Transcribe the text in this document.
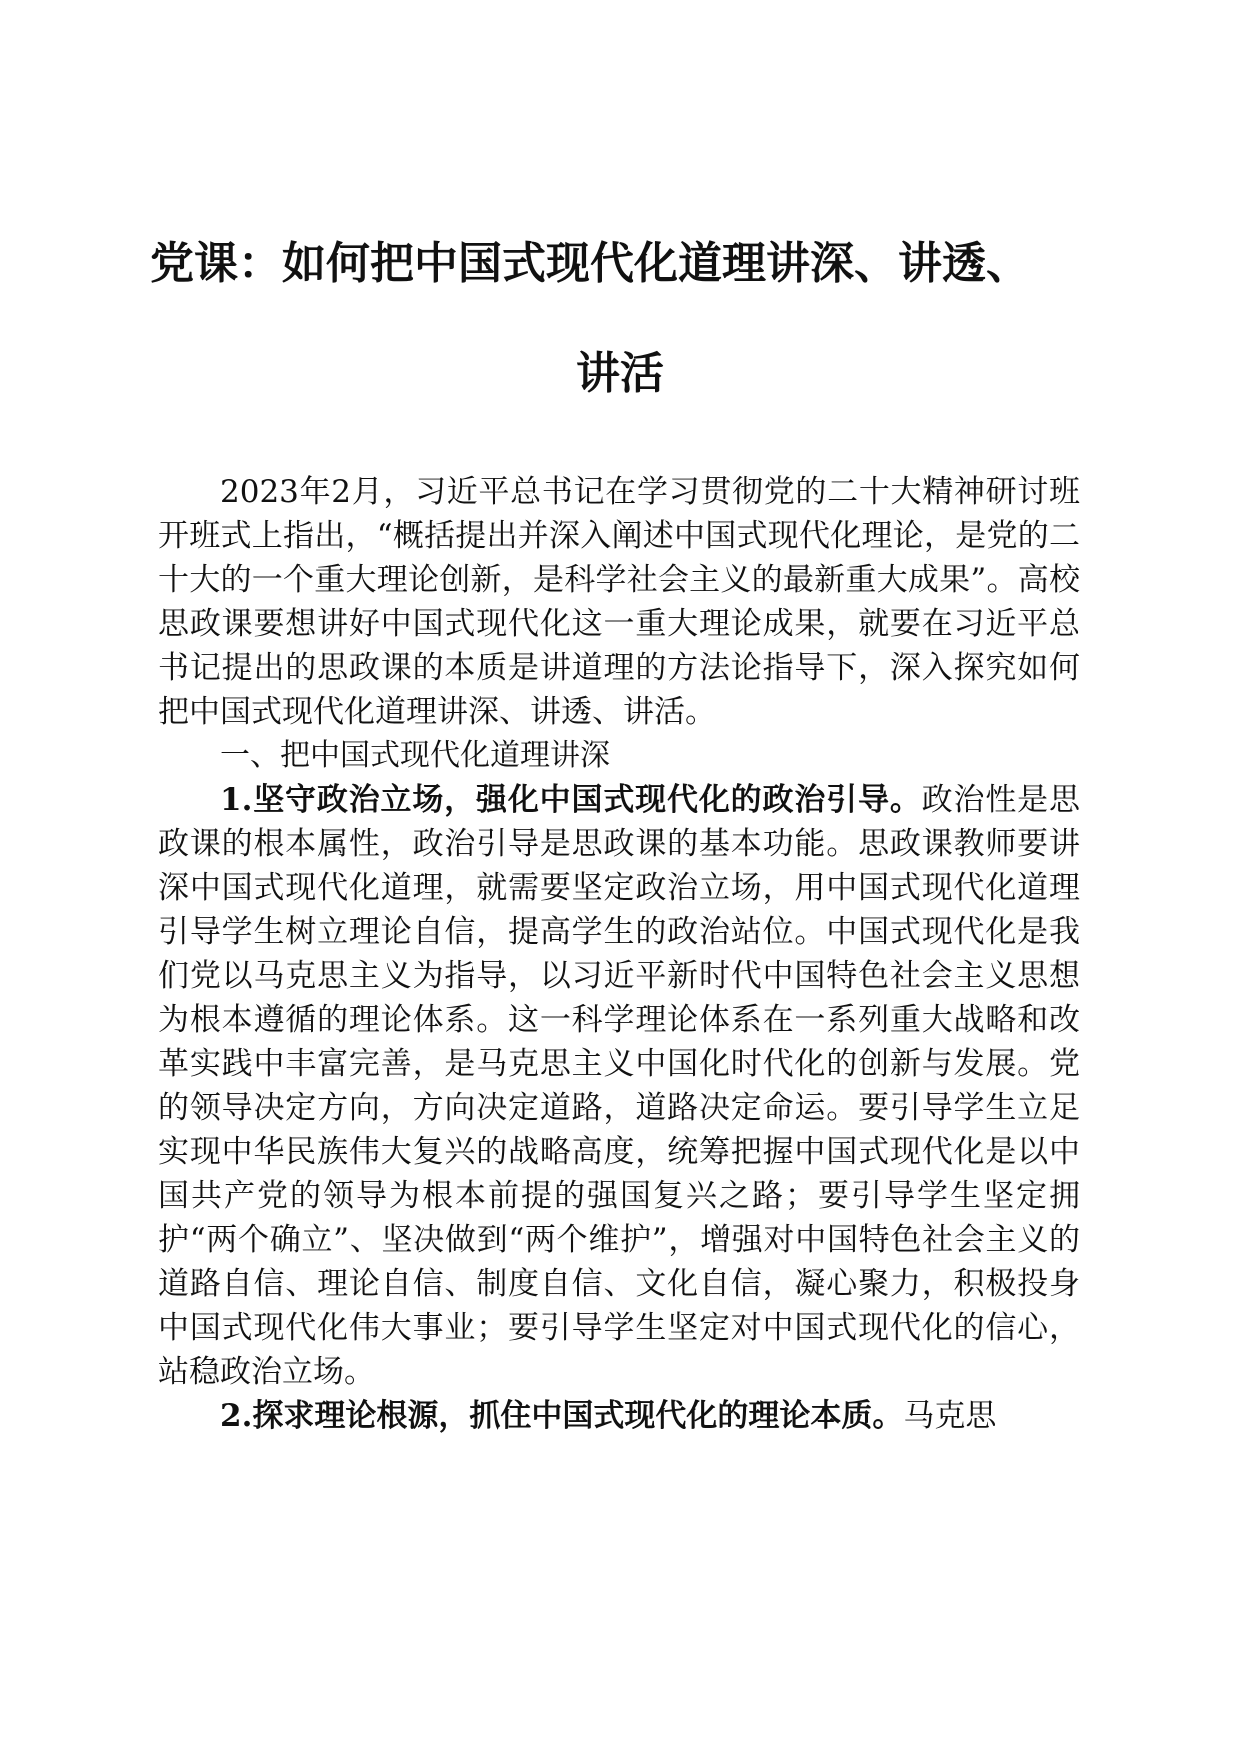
党课：如何把中国式现代化道理讲深、讲透、
讲活

2023年2月，习近平总书记在学习贯彻党的二十大精神研讨班开班式上指出，“概括提出并深入阐述中国式现代化理论，是党的二十大的一个重大理论创新，是科学社会主义的最新重大成果”。高校思政课要想讲好中国式现代化这一重大理论成果，就要在习近平总书记提出的思政课的本质是讲道理的方法论指导下，深入探究如何把中国式现代化道理讲深、讲透、讲活。

一、把中国式现代化道理讲深

1.坚守政治立场，强化中国式现代化的政治引导。政治性是思政课的根本属性，政治引导是思政课的基本功能。思政课教师要讲深中国式现代化道理，就需要坚定政治立场，用中国式现代化道理引导学生树立理论自信，提高学生的政治站位。中国式现代化是我们党以马克思主义为指导，以习近平新时代中国特色社会主义思想为根本遵循的理论体系。这一科学理论体系在一系列重大战略和改革实践中丰富完善，是马克思主义中国化时代化的创新与发展。党的领导决定方向，方向决定道路，道路决定命运。要引导学生立足实现中华民族伟大复兴的战略高度，统筹把握中国式现代化是以中国共产党的领导为根本前提的强国复兴之路；要引导学生坚定拥护“两个确立”、坚决做到“两个维护”，增强对中国特色社会主义的道路自信、理论自信、制度自信、文化自信，凝心聚力，积极投身中国式现代化伟大事业；要引导学生坚定对中国式现代化的信心，站稳政治立场。

2.探求理论根源，抓住中国式现代化的理论本质。马克思
